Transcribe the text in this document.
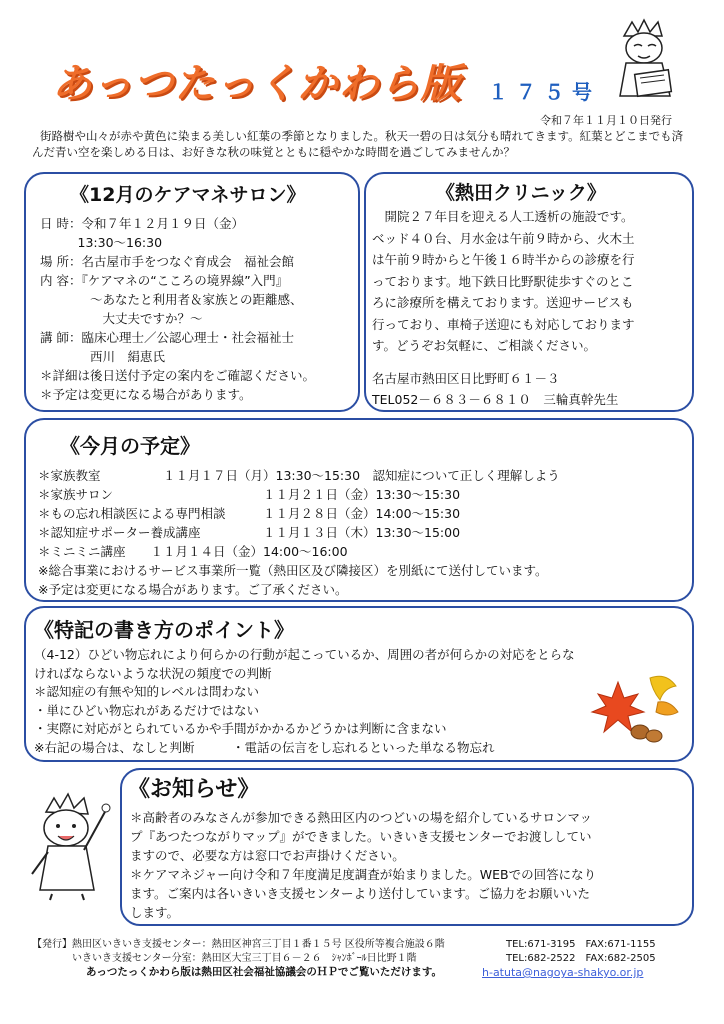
あっつたっくかわら版 １７５号
令和７年１１月１０日発行
街路樹や山々が赤や黄色に染まる美しい紅葉の季節となりました。秋天一碧の日は気分も晴れてきます。紅葉とどこまでも済んだ青い空を楽しめる日は、お好きな秋の味覚とともに穏やかな時間を過ごしてみませんか？
《12月のケアマネサロン》
日 時：令和７年１２月１９日（金）
　　　13:30～16:30
場 所：名古屋市手をつなぐ育成会　福祉会館
内 容：『ケアマネの“こころの境界線”入門』
　　　　～あなたと利用者＆家族との距離感、
　　　　　大丈夫ですか？～
講 師：臨床心理士／公認心理士・社会福祉士
　　　　西川　絹恵氏
＊詳細は後日送付予定の案内をご確認ください。
＊予定は変更になる場合があります。
《熱田クリニック》
　開院２７年目を迎える人工透析の施設です。
ベッド４０台、月水金は午前９時から、火木土
は午前９時からと午後１６時半からの診療を行
っております。地下鉄日比野駅徒歩すぐのとこ
ろに診療所を構えております。送迎サービスも
行っており、車椅子送迎にも対応しております
す。どうぞお気軽に、ご相談ください。
名古屋市熱田区日比野町６１－３
TEL052－６８３－６８１０　三輪真幹先生
《今月の予定》
＊家族教室　　　　　１１月１７日（月）13:30～15:30　認知症について正しく理解しよう
＊家族サロン　　　　　　　　　　　　１１月２１日（金）13:30～15:30
＊もの忘れ相談医による専門相談　　　１１月２８日（金）14:00～15:30
＊認知症サポーター養成講座　　　　　１１月１３日（木）13:30～15:00
＊ミニミニ講座　　１１月１４日（金）14:00～16:00
※総合事業におけるサービス事業所一覧（熱田区及び隣接区）を別紙にて送付しています。
※予定は変更になる場合があります。ご了承ください。
《特記の書き方のポイント》
（4-12）ひどい物忘れにより何らかの行動が起こっているか、周囲の者が何らかの対応をとらな
ければならないような状況の頻度での判断
＊認知症の有無や知的レベルは問わない
・単にひどい物忘れがあるだけではない
・実際に対応がとられているかや手間がかかるかどうかは判断に含まない
※右記の場合は、なしと判断　　　・電話の伝言をし忘れるといった単なる物忘れ
《お知らせ》
＊高齢者のみなさんが参加できる熱田区内のつどいの場を紹介しているサロンマッ
プ『あつたつながりマップ』ができました。いきいき支援センターでお渡ししてい
ますので、必要な方は窓口でお声掛けください。
＊ケアマネジャー向け令和７年度満足度調査が始まりました。WEBでの回答になり
ます。ご案内は各いきいき支援センターより送付しています。ご協力をお願いいた
します。
【発行】熱田区いきいき支援センター：熱田区神宮三丁目１番１５号 区役所等複合施設６階	TEL:671-3195　FAX:671-1155
いきいき支援センター分室：熱田区大宝三丁目６－２６　ｼｬﾝﾎﾞｰﾙ日比野１階	TEL:682-2522　FAX:682-2505
あっつたっくかわら版は熱田区社会福祉協議会のＨＰでご覧いただけます。	h-atuta@nagoya-shakyo.or.jp
